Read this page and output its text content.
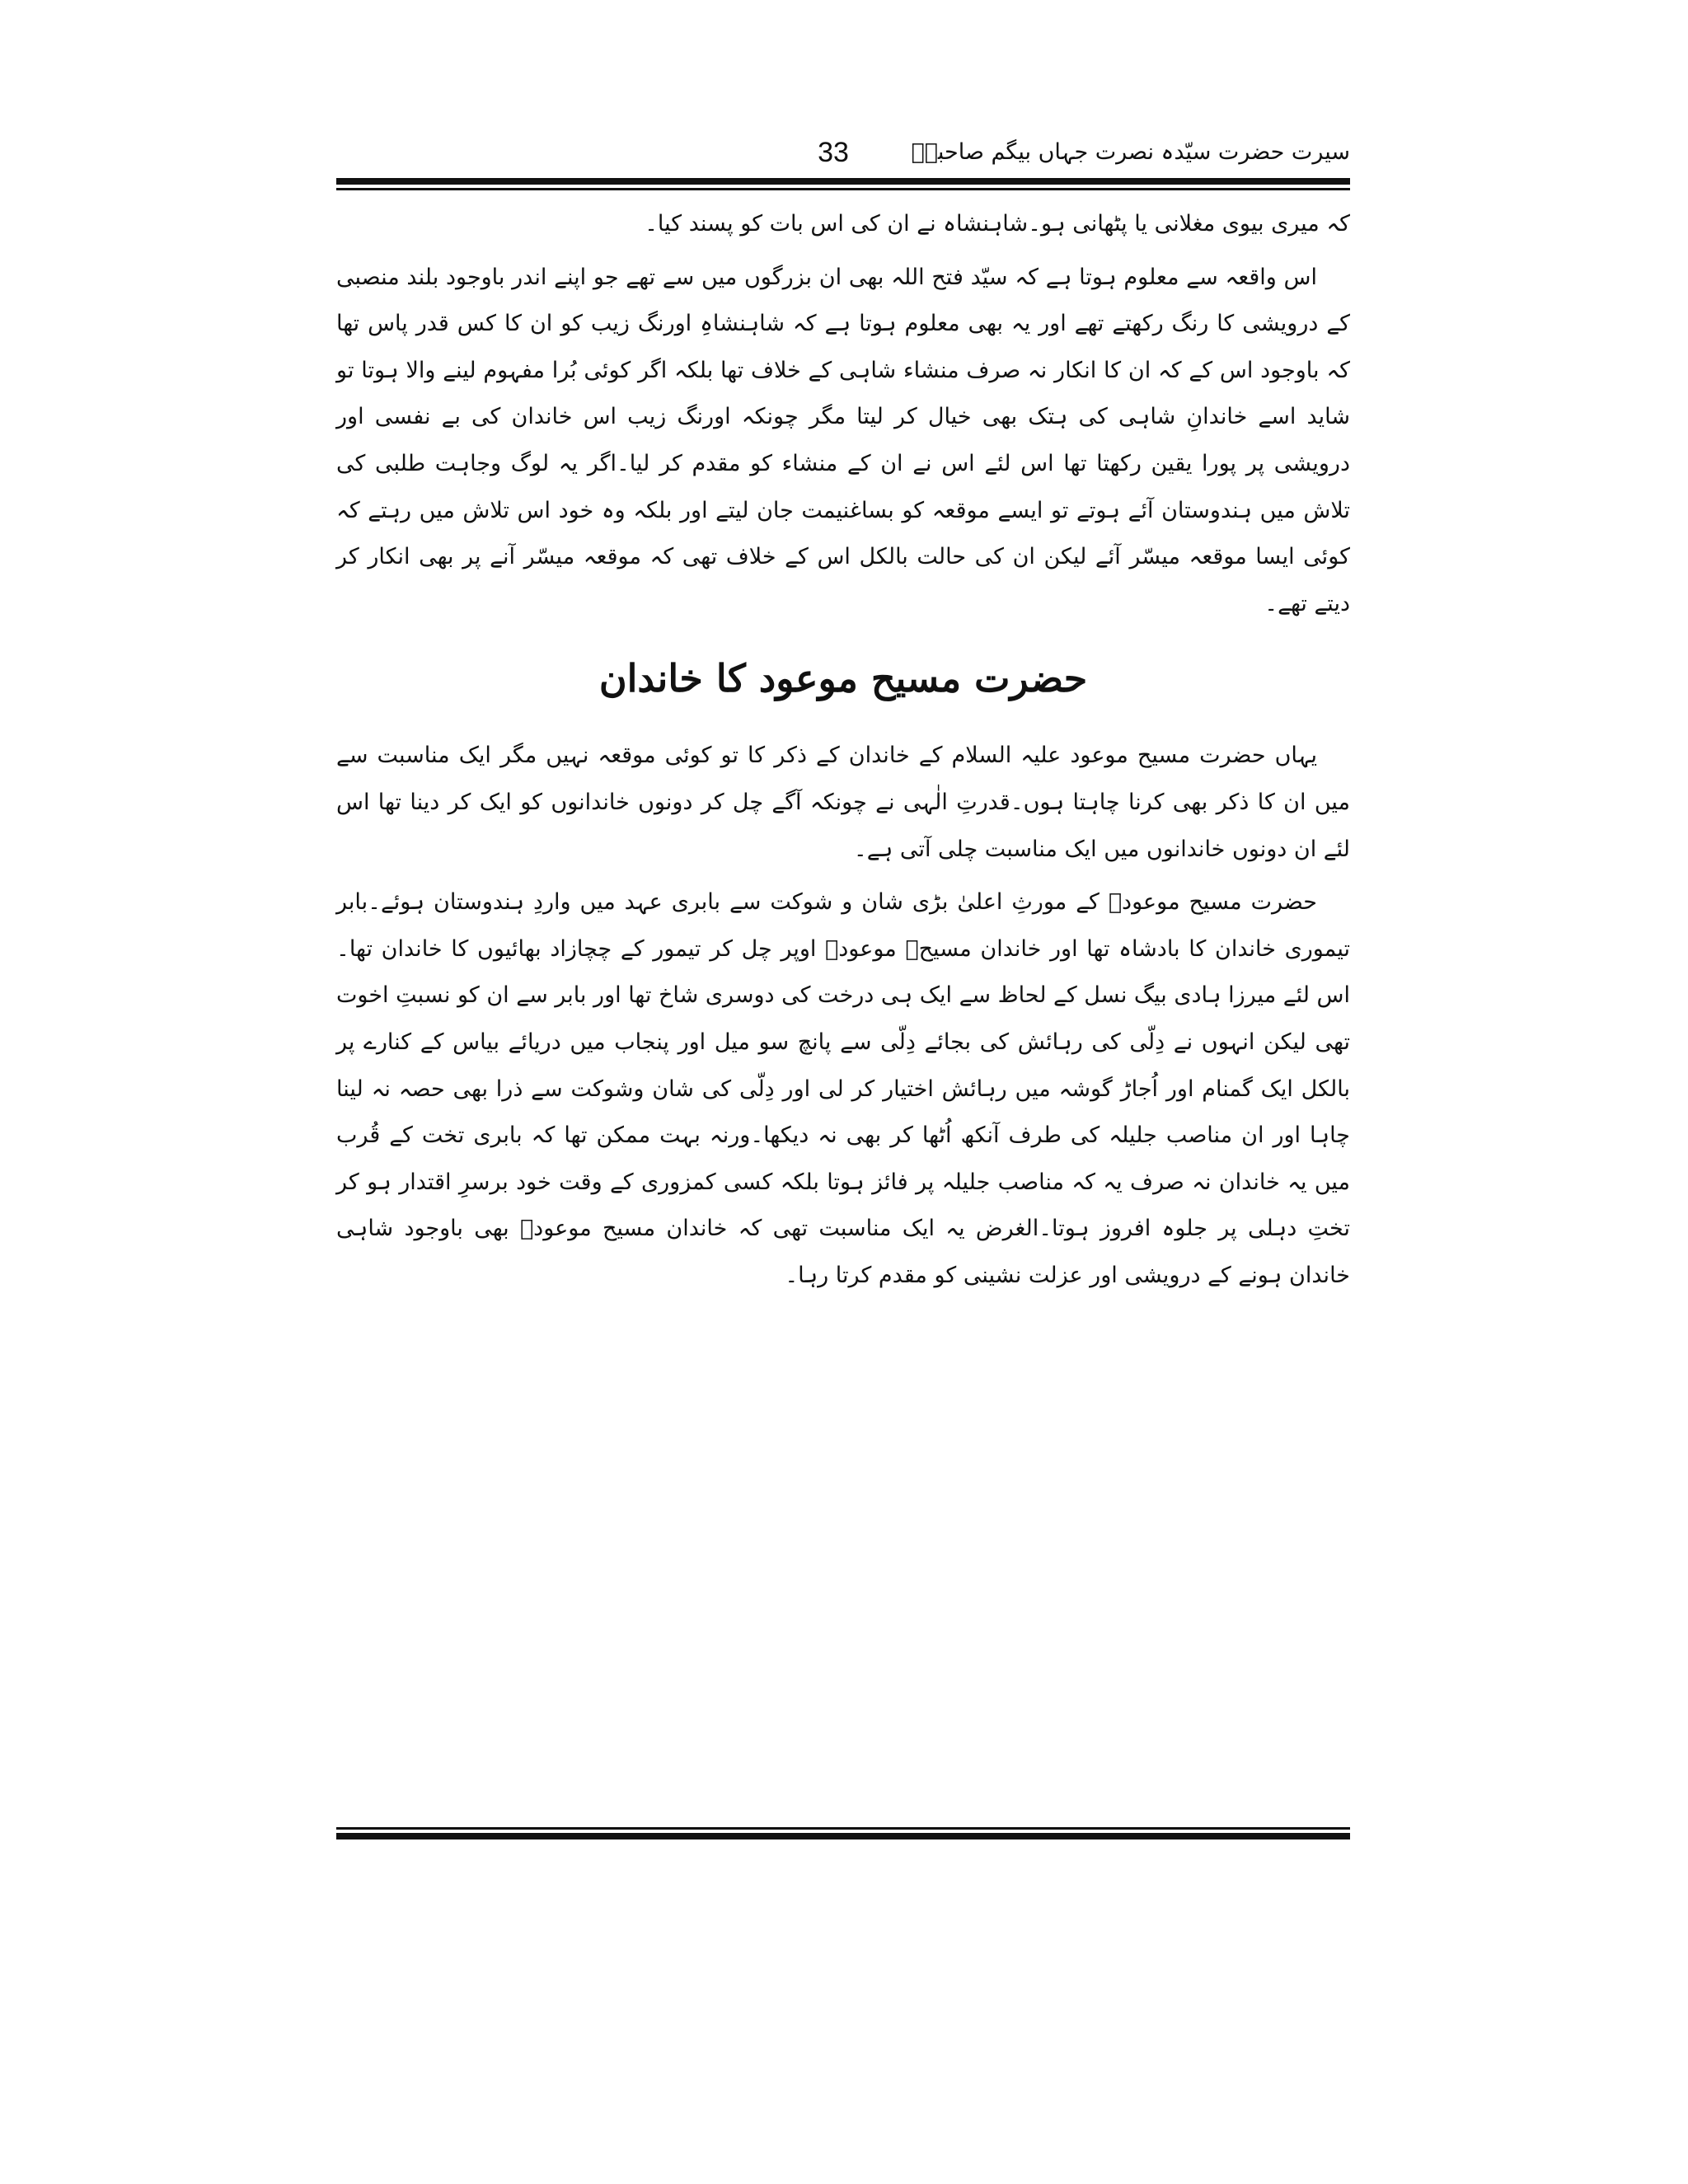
33	سیرت حضرت سیّدہ نصرت جہاں بیگم صاحبہؓ

کہ میری بیوی مغلانی یا پٹھانی ہو۔شاہنشاہ نے ان کی اس بات کو پسند کیا۔

اس واقعہ سے معلوم ہوتا ہے کہ سیّد فتح اللہ بھی ان بزرگوں میں سے تھے جو اپنے اندر باوجود بلند منصبی کے درویشی کا رنگ رکھتے تھے اور یہ بھی معلوم ہوتا ہے کہ شاہنشاہِ اورنگ زیب کو ان کا کس قدر پاس تھا کہ باوجود اس کے کہ ان کا انکار نہ صرف منشاء شاہی کے خلاف تھا بلکہ اگر کوئی بُرا مفہوم لینے والا ہوتا تو شاید اسے خاندانِ شاہی کی ہتک بھی خیال کر لیتا مگر چونکہ اورنگ زیب اس خاندان کی بے نفسی اور درویشی پر پورا یقین رکھتا تھا اس لئے اس نے ان کے منشاء کو مقدم کر لیا۔اگر یہ لوگ وجاہت طلبی کی تلاش میں ہندوستان آئے ہوتے تو ایسے موقعہ کو بساغنیمت جان لیتے اور بلکہ وہ خود اس تلاش میں رہتے کہ کوئی ایسا موقعہ میسّر آئے لیکن ان کی حالت بالکل اس کے خلاف تھی کہ موقعہ میسّر آنے پر بھی انکار کر دیتے تھے۔

حضرت مسیح موعود کا خاندان

یہاں حضرت مسیح موعود علیہ السلام کے خاندان کے ذکر کا تو کوئی موقعہ نہیں مگر ایک مناسبت سے میں ان کا ذکر بھی کرنا چاہتا ہوں۔قدرتِ الٰہی نے چونکہ آگے چل کر دونوں خاندانوں کو ایک کر دینا تھا اس لئے ان دونوں خاندانوں میں ایک مناسبت چلی آتی ہے۔

حضرت مسیح موعودؑ کے مورثِ اعلیٰ بڑی شان و شوکت سے بابری عہد میں واردِ ہندوستان ہوئے۔بابر تیموری خاندان کا بادشاہ تھا اور خاندان مسیحؑ موعودؑ اوپر چل کر تیمور کے چچازاد بھائیوں کا خاندان تھا۔اس لئے میرزا ہادی بیگ نسل کے لحاظ سے ایک ہی درخت کی دوسری شاخ تھا اور بابر سے ان کو نسبتِ اخوت تھی لیکن انہوں نے دِلّی کی رہائش کی بجائے دِلّی سے پانچ سو میل اور پنجاب میں دریائے بیاس کے کنارے پر بالکل ایک گمنام اور اُجاڑ گوشہ میں رہائش اختیار کر لی اور دِلّی کی شان وشوکت سے ذرا بھی حصہ نہ لینا چاہا اور ان مناصب جلیلہ کی طرف آنکھ اُٹھا کر بھی نہ دیکھا۔ورنہ بہت ممکن تھا کہ بابری تخت کے قُرب میں یہ خاندان نہ صرف یہ کہ مناصب جلیلہ پر فائز ہوتا بلکہ کسی کمزوری کے وقت خود برسرِ اقتدار ہو کر تختِ دہلی پر جلوہ افروز ہوتا۔الغرض یہ ایک مناسبت تھی کہ خاندان مسیح موعودؑ بھی باوجود شاہی خاندان ہونے کے درویشی اور عزلت نشینی کو مقدم کرتا رہا۔
